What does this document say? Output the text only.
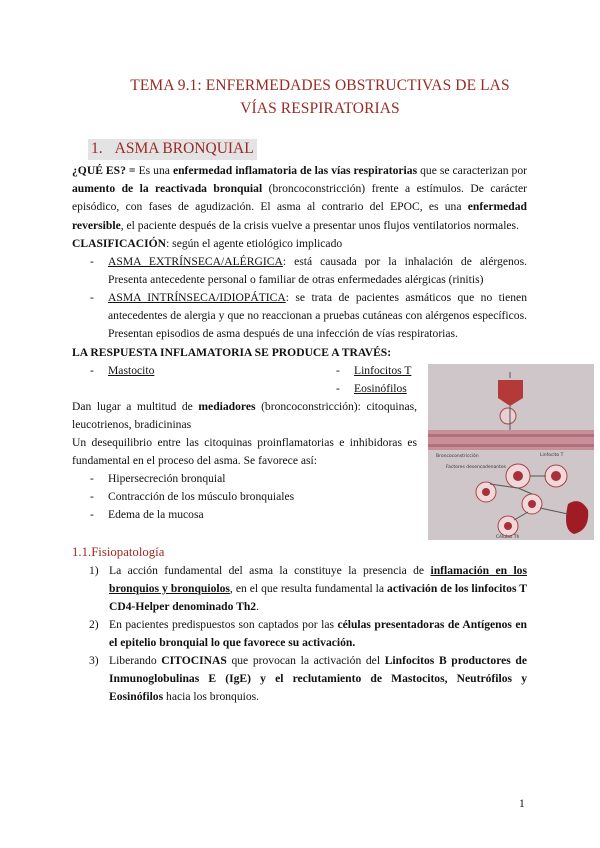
TEMA 9.1: ENFERMEDADES OBSTRUCTIVAS DE LAS
VÍAS RESPIRATORIAS
1. ASMA BRONQUIAL
¿QUÉ ES? = Es una enfermedad inflamatoria de las vías respiratorias que se caracterizan por aumento de la reactivada bronquial (broncoconstricción) frente a estímulos. De carácter episódico, con fases de agudización. El asma al contrario del EPOC, es una enfermedad reversible, el paciente después de la crisis vuelve a presentar unos flujos ventilatorios normales.
CLASIFICACIÓN: según el agente etiológico implicado
- ASMA EXTRÍNSECA/ALÉRGICA: está causada por la inhalación de alérgenos. Presenta antecedente personal o familiar de otras enfermedades alérgicas (rinitis)
- ASMA INTRÍNSECA/IDIOPÁTICA: se trata de pacientes asmáticos que no tienen antecedentes de alergia y que no reaccionan a pruebas cutáneas con alérgenos específicos. Presentan episodios de asma después de una infección de vías respiratorias.
LA RESPUESTA INFLAMATORIA SE PRODUCE A TRAVÉS:
- Mastocito	- Linfocitos T
- Eosinófilos
Dan lugar a multitud de mediadores (broncoconstricción): citoquinas, leucotrienos, bradicininas
Un desequilibrio entre las citoquinas proinflamatorias e inhibidoras es fundamental en el proceso del asma. Se favorece así:
- Hipersecreción bronquial
- Contracción de los músculo bronquiales
- Edema de la mucosa
Broncoconstricción
Factores desencadenantes
Linfocito T
Células Th
1.1.Fisiopatología
1) La acción fundamental del asma la constituye la presencia de inflamación en los bronquios y bronquiolos, en el que resulta fundamental la activación de los linfocitos T CD4-Helper denominado Th2.
2) En pacientes predispuestos son captados por las células presentadoras de Antígenos en el epitelio bronquial lo que favorece su activación.
3) Liberando CITOCINAS que provocan la activación del Linfocitos B productores de Inmunoglobulinas E (IgE) y el reclutamiento de Mastocitos, Neutrófilos y Eosinófilos hacia los bronquios.
1
